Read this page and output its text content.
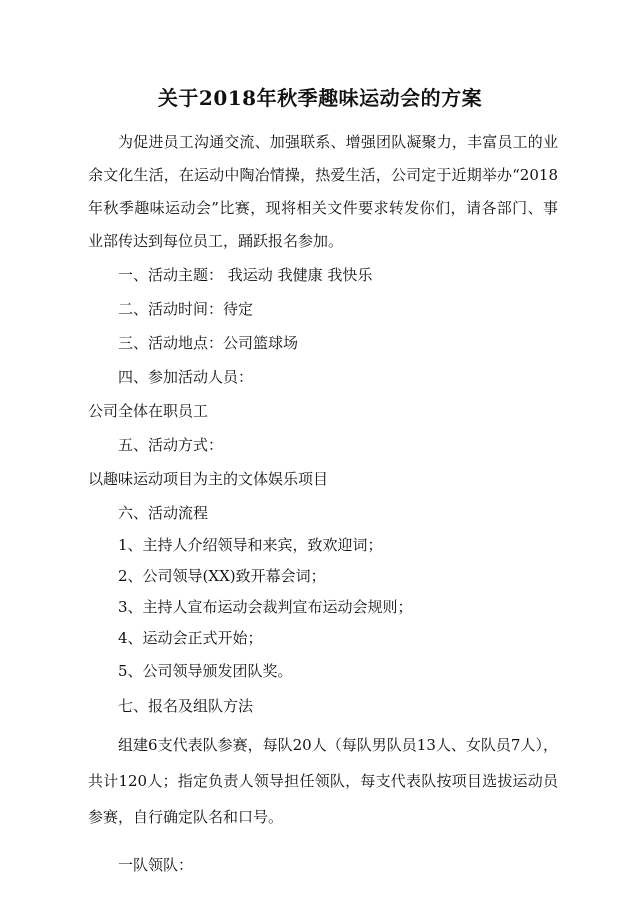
关于2018年秋季趣味运动会的方案

为促进员工沟通交流、加强联系、增强团队凝聚力，丰富员工的业余文化生活，在运动中陶冶情操，热爱生活，公司定于近期举办“2018年秋季趣味运动会”比赛，现将相关文件要求转发你们，请各部门、事业部传达到每位员工，踊跃报名参加。

一、活动主题： 我运动 我健康 我快乐
二、活动时间：待定
三、活动地点：公司篮球场
四、参加活动人员：
公司全体在职员工
五、活动方式：
以趣味运动项目为主的文体娱乐项目
六、活动流程
1、主持人介绍领导和来宾，致欢迎词；
2、公司领导(XX)致开幕会词；
3、主持人宣布运动会裁判宣布运动会规则；
4、运动会正式开始；
5、公司领导颁发团队奖。
七、报名及组队方法

组建6支代表队参赛，每队20人（每队男队员13人、女队员7人），共计120人；指定负责人领导担任领队，每支代表队按项目选拔运动员参赛，自行确定队名和口号。

一队领队：
